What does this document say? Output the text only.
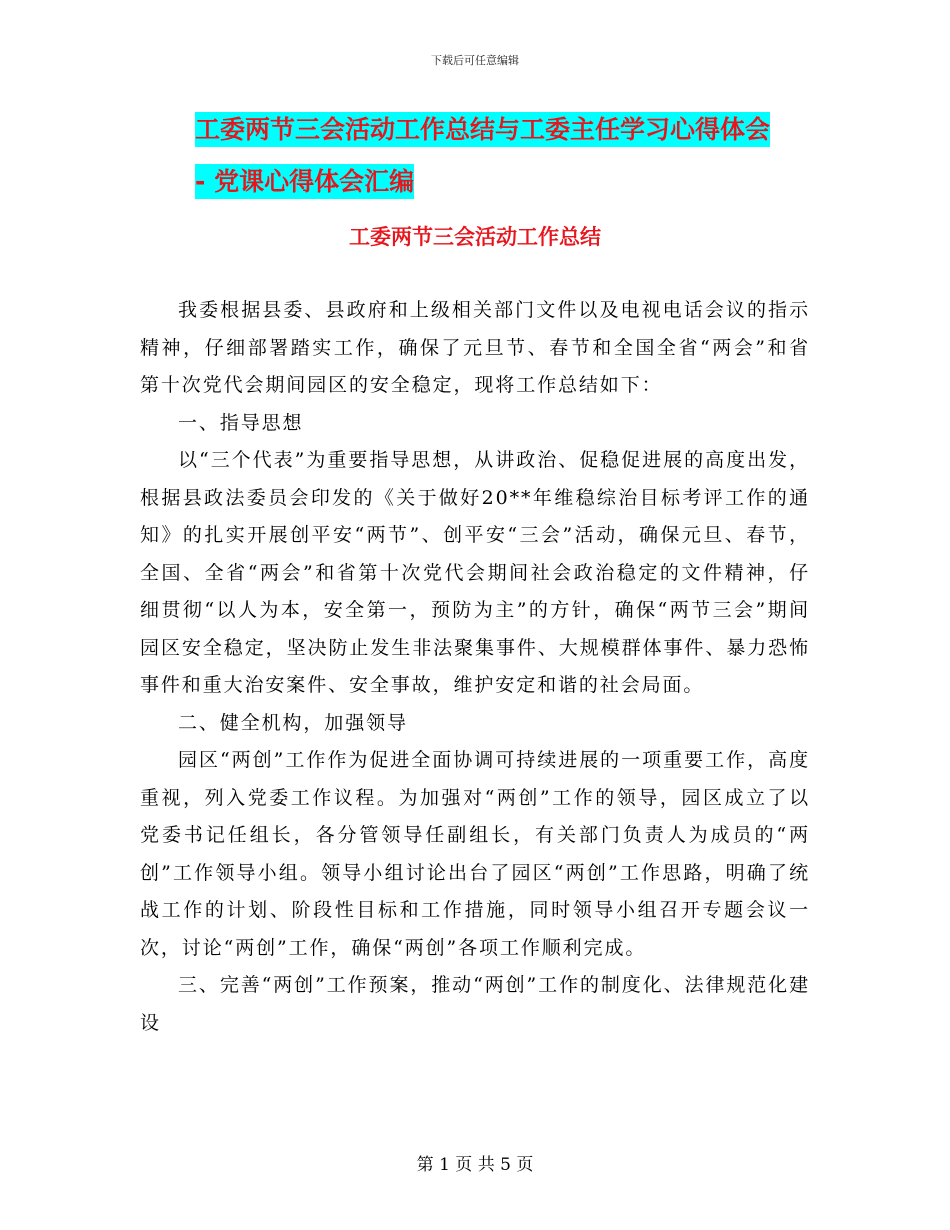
下载后可任意编辑
工委两节三会活动工作总结与工委主任学习心得体会
- 党课心得体会汇编
工委两节三会活动工作总结

我委根据县委、县政府和上级相关部门文件以及电视电话会议的指示精神，仔细部署踏实工作，确保了元旦节、春节和全国全省“两会”和省第十次党代会期间园区的安全稳定，现将工作总结如下：

一、指导思想

以“三个代表”为重要指导思想，从讲政治、促稳促进展的高度出发，根据县政法委员会印发的《关于做好20**年维稳综治目标考评工作的通知》的扎实开展创平安“两节”、创平安“三会”活动，确保元旦、春节，全国、全省“两会”和省第十次党代会期间社会政治稳定的文件精神，仔细贯彻“以人为本，安全第一，预防为主”的方针，确保“两节三会”期间园区安全稳定，坚决防止发生非法聚集事件、大规模群体事件、暴力恐怖事件和重大治安案件、安全事故，维护安定和谐的社会局面。

二、健全机构，加强领导

园区“两创”工作作为促进全面协调可持续进展的一项重要工作，高度重视，列入党委工作议程。为加强对“两创”工作的领导，园区成立了以党委书记任组长，各分管领导任副组长，有关部门负责人为成员的“两创”工作领导小组。领导小组讨论出台了园区“两创”工作思路，明确了统战工作的计划、阶段性目标和工作措施，同时领导小组召开专题会议一次，讨论“两创”工作，确保“两创”各项工作顺利完成。

三、完善“两创”工作预案，推动“两创”工作的制度化、法律规范化建设

第 1 页 共 5 页
